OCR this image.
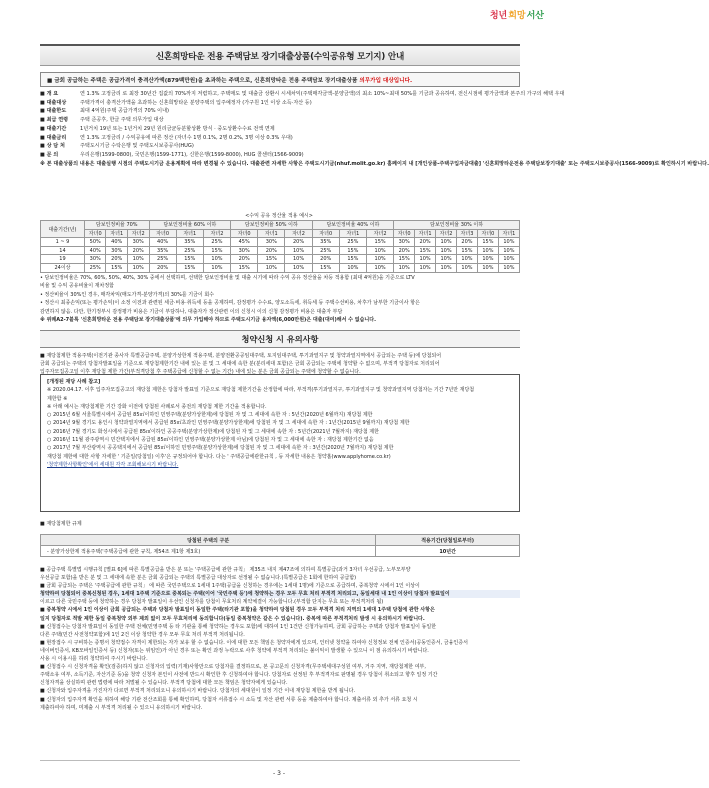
청년 희망 서산
신혼희망타운 전용 주택담보 장기대출상품(수익공유형 모기지) 안내
■ 금회 공급하는 주택은 공급가격이 충격산가액(879백만원)을 초과하는 주택으로, 신혼희망타운 전용 주택담보 장기대출상품 의무가입 대상입니다.
■ 개 요	연 1.3% 고정금리 로 최장 30년간 집값의 70%까지 저렴하고, 주택매도 및 대출금 상환시 시세차익(주택매각금액-분양금액)의 최소 10%~최대 50%를 기금과 공유하며, 전신시점에 평가금액과 본주의 가구의 해택 우대
■ 대출대상	주택가격이 충격산가액을 초과하는 신혼희망타운 분양주택의 입주예정자 (가구원 1인 이상 소득·자산 등)
■ 대출한도	최대 4억원(주택 공급가격의 70% 이내)
■ 최급 연령	주택 준공후, 한글 주택 의무가입 대상
■ 대출기간	1년거치 19년 또는 1년거치 29년 원리금균등분할상환 방식 · 중도상환수수료 전액 면제
■ 대출금리	연 1.3% 고정금리 / 수익공유에 따른 정산 (자녀수 1명 0.1%, 2명 0.2%, 3명 이상 0.3% 우대)
■ 상 담 처	주택도시기금 수탁은행 및 주택도시보증공사(HUG)
■ 문 의	우리은행(1599-0800), 국민은행(1599-1771), 신한은행(1599-8000), HUG 콜센터(1566-9009)
※ 본 대출상품의 내용은 대출실행 시점의 주택도시기금 운용계획에 따라 변경될 수 있습니다. 대출관련 자세한 사항은 주택도시기금(nhuf.molit.go.kr) 홈페이지 내 [개인상품-주택구입자금대출] '신혼희망타운전용 주택담보장기대출' 또는 주택도시보증공사(1566-9009)로 확인하시기 바랍니다.
<수익 공유 정산율 적용 예시>
대출기간(년)	담보인정비율 70%			담보인정비율 60% 이하			담보인정비율 50% 이하			담보인정비율 40% 이하			담보인정비율 30% 이하					
	자녀0	자녀1	자녀2	자녀0	자녀1	자녀2	자녀0	자녀1	자녀2	자녀0	자녀1	자녀2	자녀0	자녀1	자녀2	자녀3	자녀0	자녀1
1 ~ 9	50%	40%	30%	40%	35%	25%	45%	30%	20%	35%	25%	15%	30%	20%	10%	20%	15%	10%
14	40%	30%	20%	35%	25%	15%	30%	20%	10%	25%	15%	10%	20%	15%	10%	15%	10%	10%
19	30%	20%	10%	25%	15%	10%	20%	15%	10%	20%	15%	10%	15%	10%	10%	10%	10%	10%
24이상	25%	15%	10%	20%	15%	10%	15%	10%	10%	15%	10%	10%	10%	10%	10%	10%	10%	10%
• 담보인정비율은 70%, 60%, 50%, 40%, 30% 중에서 선택하며, 선택한 담보인정비율 및 대출 시기에 따라 수익 공유 정산율을 차등 적용함 (최대 4억원)을 기준으로 LTV
비율 및 수익 공유비율이 재차정함
• 정산비율이 30%인 경우, 매각차익(매도가격-분양가격)의 30%를 기금이 회수
• 정산시 최종손익(또는 평가손익)이 소정 이전과 관련된 세금·비용·취득세 등을 공제하며, 감정평가 수수료, 양도소득세, 취득세 등 주택수선비용, 차후가 남부한 기금이사 항은
감면하지 않음. 다만, 한기정부시 감정평가 비용은 기금이 부담하나, 대출자가 정산관련 이의 신청시 이의 신청 감정평가 비용은 대출자 부담
※ 위례A2-7블록 '신혼희망타운 전용 주택담보 장기대출상품'에 의무 가입해야 하므로 주택도시기금 융자액(6,000만원)은 대출(대여)해서 수 없습니다.
청약신청 시 유의사항
■ 재당첨제한 적용주택(이전기관 종사자 특별공급주택, 분양가상한제 적용주택, 분양전환공공임대주택, 토지임대주택, 투기과열지구 및 청약과열지역에서 공급되는 주택 등)에 당첨되어
금회 공급되는 주택의 당첨자발표일을 기준으로 재당첨제한기간 내에 있는 분 및 그 세대에 속한 분(분리세대 포함)은 금회 공급되는 주택에 청약할 수 없으며, 부적격 당첨자로 처리되어
입주자모집공고일 이후 재당첨 제한 가간(부적격당첨 후 주택공급에 신청할 수 없는 기간) 내에 있는 분은 금회 공급되는 주택에 청약할 수 없습니다.
[개정된 재당 사례 참고]
※ 2020.04.17. 이후 입주자모집공고의 재당첨 제한은 당첨자 발표일 기준으로 재당첨 제한기간을 산정함에 따라, 부적격(투기과열지구, 투기과열지구 및 청약과열지역 당첨자는 기간 7년만 재당첨
제한함 ※
※ 아래 예시는 재당첨제한 기간 강화 이전에 당첨된 사례로서 종전의 재당첨 제한 기간을 적용합니다.
○ 2015년 6월 서울특별시에서 공급된 85㎡이하인 민영주택(분양가상한제)에 당첨된 자 및 그 세대에 속한 자 : 5년간(2020년 6월까지) 재당첨 제한
○ 2014년 9월 경기도 용인시 청약과열지역에서 공급된 85㎡초과인 민영주택(분양가상한제)에 당첨된 자 및 그 세대에 속한 자 : 1년간(2015년 9월까지) 재당첨 제한
○ 2016년 7월 경기도 화성시에서 공급된 85㎡이하인 공공주택(분양가상한제)에 당첨된 자 및 그 세대에 속한 자 : 5년간(2021년 7월까지) 재당첨 제한
○ 2016년 11월 광주광역시 민간택지에서 공급된 85㎡이하인 민영주택(분양가상한제 아님)에 당첨된 자 및 그 세대에 속한 자 : 재당첨 제한기간 없음
○ 2017년 7월 부산광역시 공공택지에서 공급된 85㎡이하인 민영주택(분양가상한제)에 당첨된 자 및 그 세대에 속한 자 : 3년간(2020년 7월까지) 재당첨 제한
재당첨 제한에 대한 사항 자세한 ' 기준일(당첨일) 이후'은 규정되어야 합니다. 다는 ' 주택공급에관한규칙 , 등 자세한 내용은 청약홈(www.applyhome.co.kr)
'청약제한사항확인'에서 세대원 각각 조회해보시기 바랍니다.
■ 재당첨제한 규제
당첨된 주택의 구분	적용기간(당첨일로부터)
- 분양가상한제 적용주택('주택공급에 관한 규칙, 제54조 제1항 제3호)	10년간
■ 공급주택 특별법 시행규칙 [별표 6]에 따른 특별공급을 받은 분 또는 '주택공급에 관한 규칙」 제35조 내지 제47조에 의하여 특별공급(과거 3자녀 우선공급, 노부모부양
우선공급 포함)을 받은 분 및 그 세대에 속한 분은 금회 공급되는 주택의 특별공급 대상자로 선정될 수 없습니다.(특별공급은 1회에 한하여 공급함)
■ 금회 공급되는 주택은 '주택공급에 관한 규칙」 에 따른 국민주택으로 1세대 1주택(공급을 신청하는 경우에는 1세대 1명)에 기준으로 공급하며, 중복청약 시에서 1인 이상이
청약하여 당첨되어 중복신청된 경우, 1세대 1주택 기준으로 중복되는 주택(이어 '국민주택 등')에 청약하는 경우 모두 무효 처리 부적격 처리되고, 동일세대 내 1인 이상이 당첨자 발표일이
이르고 다른 국민주택 등에 청약하는 경우 당첨자 발표일이 우선인 신청자를 당첨이 무효처리 계약체결이 가능합니다.(부적합 단지는 무효 또는 부적격처리 됨)
■ 중복청약 시에서 1인 이상이 금회 공급되는 주택과 당첨자 발표일이 동일한 주택(타기관 포함)을 청약하여 당첨된 경우 모두 부적격 처리 지역의 1세대 1주택 당첨에 관한 사항은
일지 당첨자로 적발 제한 동일 중복청약 외부 제외 없이 모두 무효처리에 동의합니다(동일 중복청약은 같은 수 있습니다). 중복에 따른 부적격처리 발생 시 유의하시기 바랍니다.
■ 신청접수는 당첨자 발표일이 동일한 주택 전체(민영주택 등 타 기관을 통해 청약하는 경우도 포함)에 대하여 1인 1건만 신청가능하며, 금회 공급하는 주택과 당첨자 발표일이 동일한
다른 주택(민간 사전청약포함)에 1인 2건 이상 청약한 경우 모두 무효 처리 부적격 처리됩니다.
■ 현장접수 시 구비하는 증명서 청약접수 자격이 제한되는 자가 보유 할 수 없습니다. 이에 대한 모든 책임은 청약자에게 있으며, 인터넷 청약을 하여야 신청정보 전체 인증서(공동인증서, 금융인증서
네이버인증서, KB모바일인증서 등) 신청자(또는 위임인)가 아닌 경우 또는 확인 과정 누락으로 사후 청약에 부적격 처리되는 불이익이 발생할 수 있으니 이 점 유의하시기 바랍니다.
사용 시 이용시를 하려 청약하여 주시기 바랍니다.
■ 신청접수 시 신청자격을 확인(검증)하지 않고 신청자의 입력(기재)사항만으로 당첨자를 결정하므로, 본 공고문의 신청자격(무주택세대구성원 여부, 거주 지역, 재당첨제한 여부,
주택소유 여부, 소득기준, 자산기준 등)을 청약 신청자 본인이 사전에 반드시 확인한 후 신청하여야 합니다. 당첨자로 선정된 후 부적격자로 판명될 경우 당첨이 취소되고 향후 일정 기간
신청자격을 상실하며 관련 법령에 따라 처벌될 수 있습니다. 부적격 당첨에 대한 모든 책임은 청약자에게 있습니다.
■ 신청자와 입주자격을 가진자가 다르면 부적격 처리되오니 유의하시기 바랍니다. 당첨자의 세대원이 일정 기간 이내 재당첨 제한을 받게 됩니다.
■ 신청자의 입주자격 확인을 위하여 해당 기관 전산조회를 통해 확인하며, 당첨자 서류접수 시 소득 및 자산 관련 서류 등을 제출하여야 합니다. 제출서류 외 추가 서류 요청 시
제출하여야 하며, 미제출 시 부적격 처리될 수 있으니 유의하시기 바랍니다.
- 3 -
